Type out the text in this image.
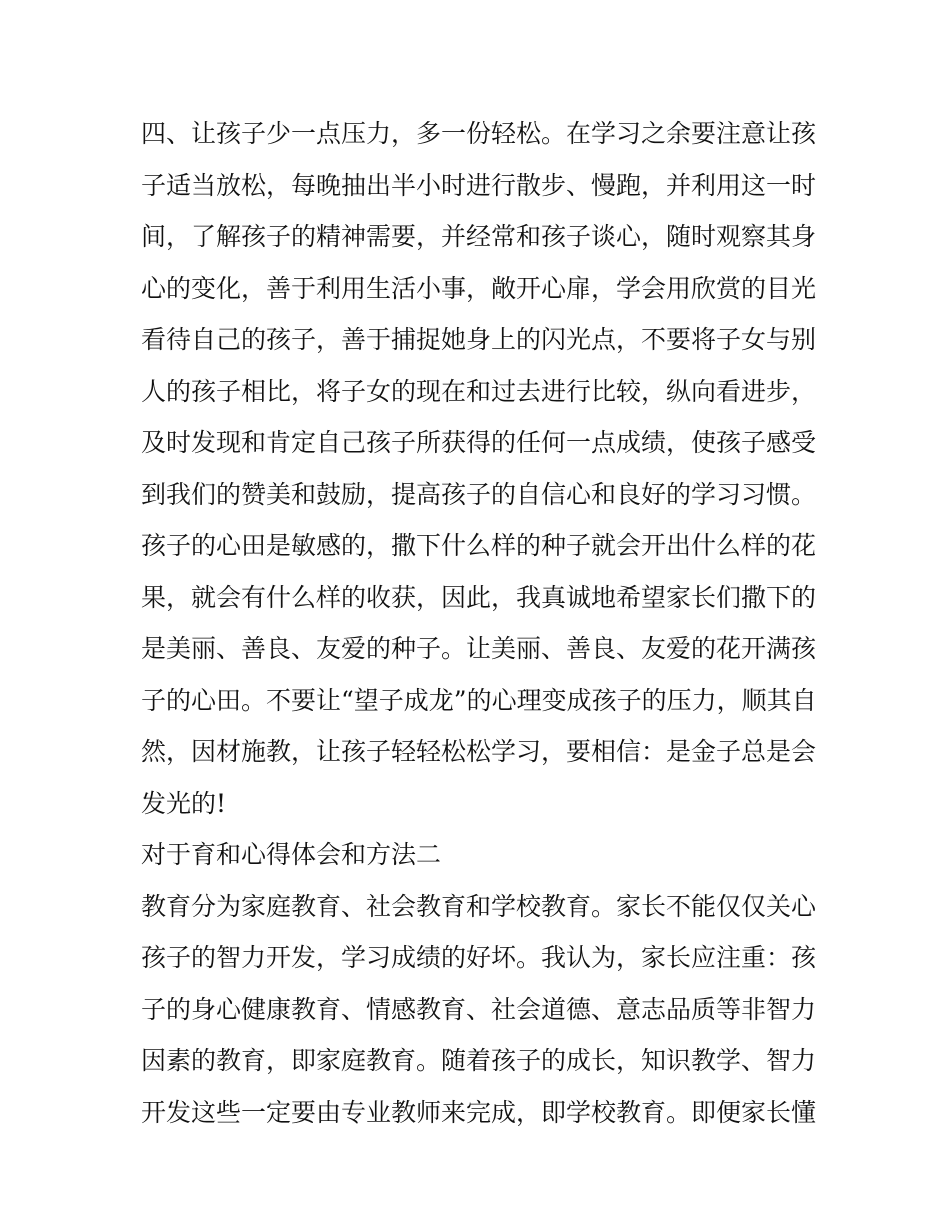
四、让孩子少一点压力，多一份轻松。在学习之余要注意让孩
子适当放松，每晚抽出半小时进行散步、慢跑，并利用这一时
间，了解孩子的精神需要，并经常和孩子谈心，随时观察其身
心的变化，善于利用生活小事，敞开心扉，学会用欣赏的目光
看待自己的孩子，善于捕捉她身上的闪光点，不要将子女与别
人的孩子相比，将子女的现在和过去进行比较，纵向看进步，
及时发现和肯定自己孩子所获得的任何一点成绩，使孩子感受
到我们的赞美和鼓励，提高孩子的自信心和良好的学习习惯。
孩子的心田是敏感的，撒下什么样的种子就会开出什么样的花
果，就会有什么样的收获，因此，我真诚地希望家长们撒下的
是美丽、善良、友爱的种子。让美丽、善良、友爱的花开满孩
子的心田。不要让“望子成龙”的心理变成孩子的压力，顺其自
然，因材施教，让孩子轻轻松松学习，要相信：是金子总是会
发光的!
对于育和心得体会和方法二
教育分为家庭教育、社会教育和学校教育。家长不能仅仅关心
孩子的智力开发，学习成绩的好坏。我认为，家长应注重：孩
子的身心健康教育、情感教育、社会道德、意志品质等非智力
因素的教育，即家庭教育。随着孩子的成长，知识教学、智力
开发这些一定要由专业教师来完成，即学校教育。即便家长懂
